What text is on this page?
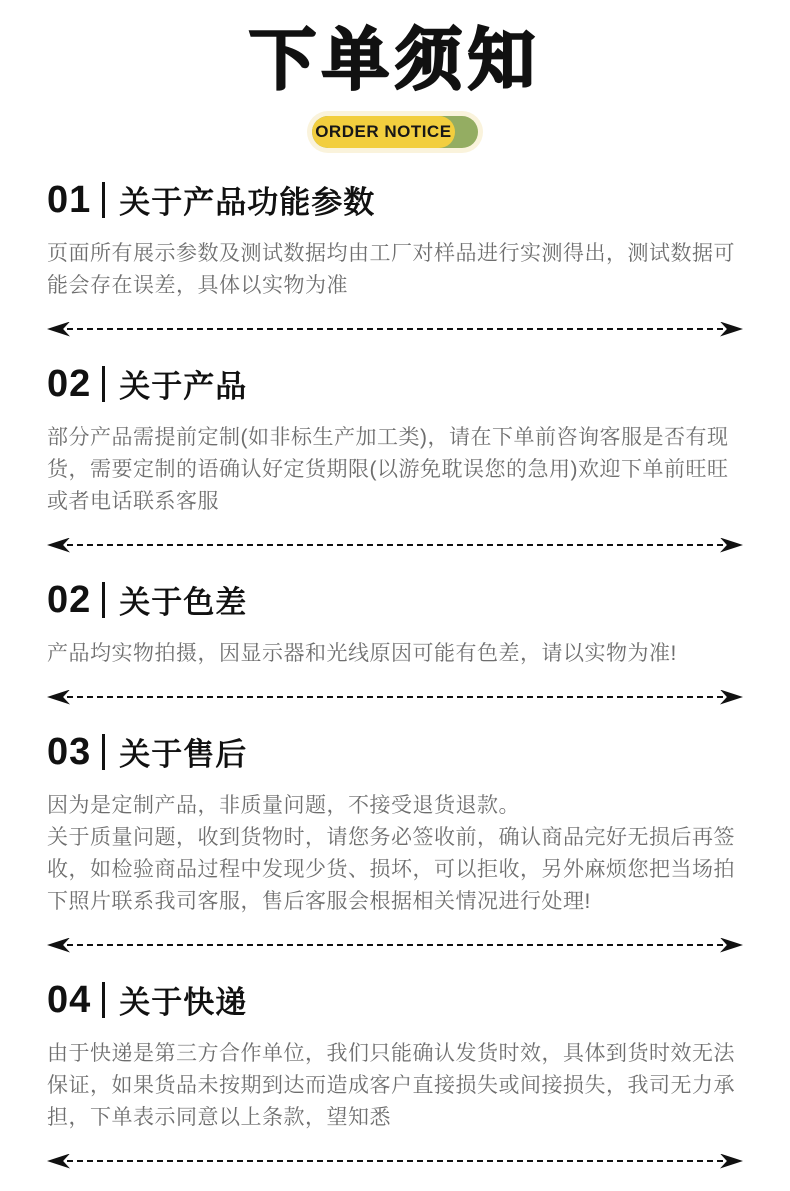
下单须知
ORDER NOTICE
01 关于产品功能参数

页面所有展示参数及测试数据均由工厂对样品进行实测得出，测试数据可能会存在误差，具体以实物为准

02 关于产品

部分产品需提前定制(如非标生产加工类)，请在下单前咨询客服是否有现货，需要定制的语确认好定货期限(以游免耽误您的急用)欢迎下单前旺旺或者电话联系客服

02 关于色差

产品均实物拍摄，因显示器和光线原因可能有色差，请以实物为准!

03 关于售后

因为是定制产品，非质量问题，不接受退货退款。

关于质量问题，收到货物时，请您务必签收前，确认商品完好无损后再签收，如检验商品过程中发现少货、损坏，可以拒收，另外麻烦您把当场拍下照片联系我司客服，售后客服会根据相关情况进行处理!

04 关于快递

由于快递是第三方合作单位，我们只能确认发货时效，具体到货时效无法保证，如果货品未按期到达而造成客户直接损失或间接损失，我司无力承担，下单表示同意以上条款，望知悉
